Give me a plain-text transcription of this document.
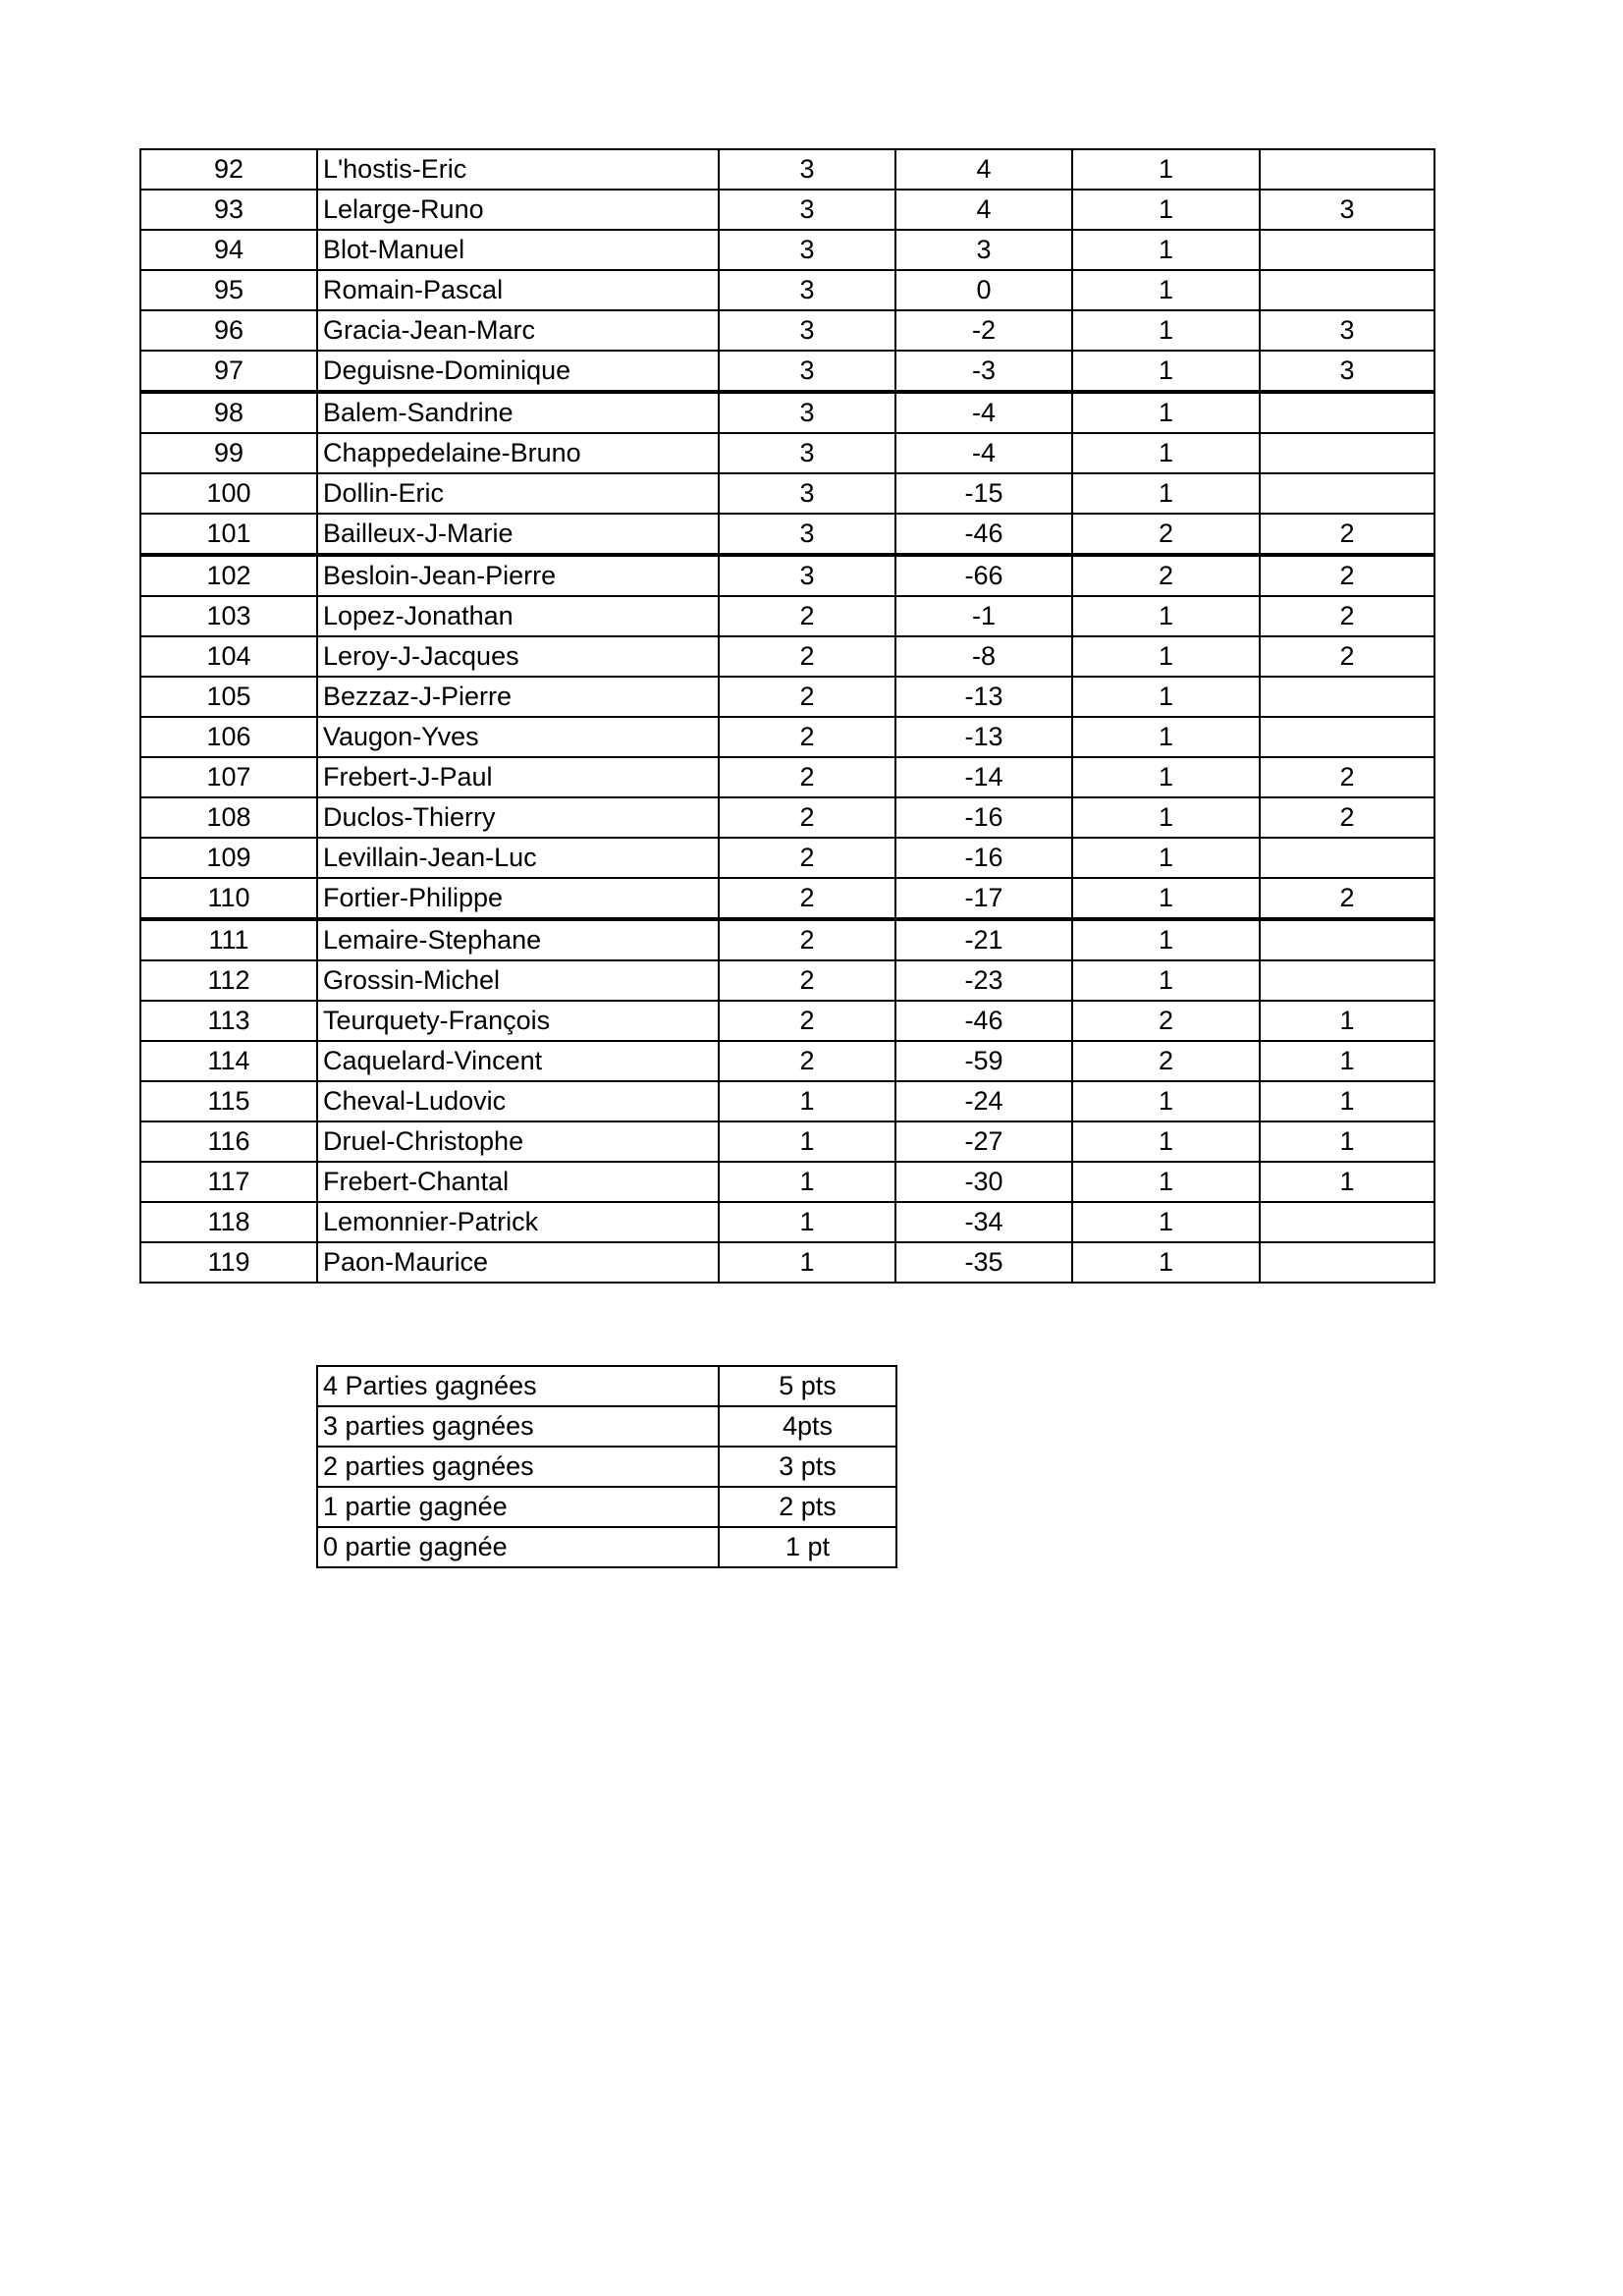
92	L'hostis-Eric	3	4	1	
93	Lelarge-Runo	3	4	1	3
94	Blot-Manuel	3	3	1	
95	Romain-Pascal	3	0	1	
96	Gracia-Jean-Marc	3	-2	1	3
97	Deguisne-Dominique	3	-3	1	3
98	Balem-Sandrine	3	-4	1	
99	Chappedelaine-Bruno	3	-4	1	
100	Dollin-Eric	3	-15	1	
101	Bailleux-J-Marie	3	-46	2	2
102	Besloin-Jean-Pierre	3	-66	2	2
103	Lopez-Jonathan	2	-1	1	2
104	Leroy-J-Jacques	2	-8	1	2
105	Bezzaz-J-Pierre	2	-13	1	
106	Vaugon-Yves	2	-13	1	
107	Frebert-J-Paul	2	-14	1	2
108	Duclos-Thierry	2	-16	1	2
109	Levillain-Jean-Luc	2	-16	1	
110	Fortier-Philippe	2	-17	1	2
111	Lemaire-Stephane	2	-21	1	
112	Grossin-Michel	2	-23	1	
113	Teurquety-François	2	-46	2	1
114	Caquelard-Vincent	2	-59	2	1
115	Cheval-Ludovic	1	-24	1	1
116	Druel-Christophe	1	-27	1	1
117	Frebert-Chantal	1	-30	1	1
118	Lemonnier-Patrick	1	-34	1	
119	Paon-Maurice	1	-35	1	
4 Parties gagnées	5 pts
3 parties gagnées	4pts
2 parties gagnées	3 pts
1 partie gagnée	2 pts
0 partie gagnée	1 pt
